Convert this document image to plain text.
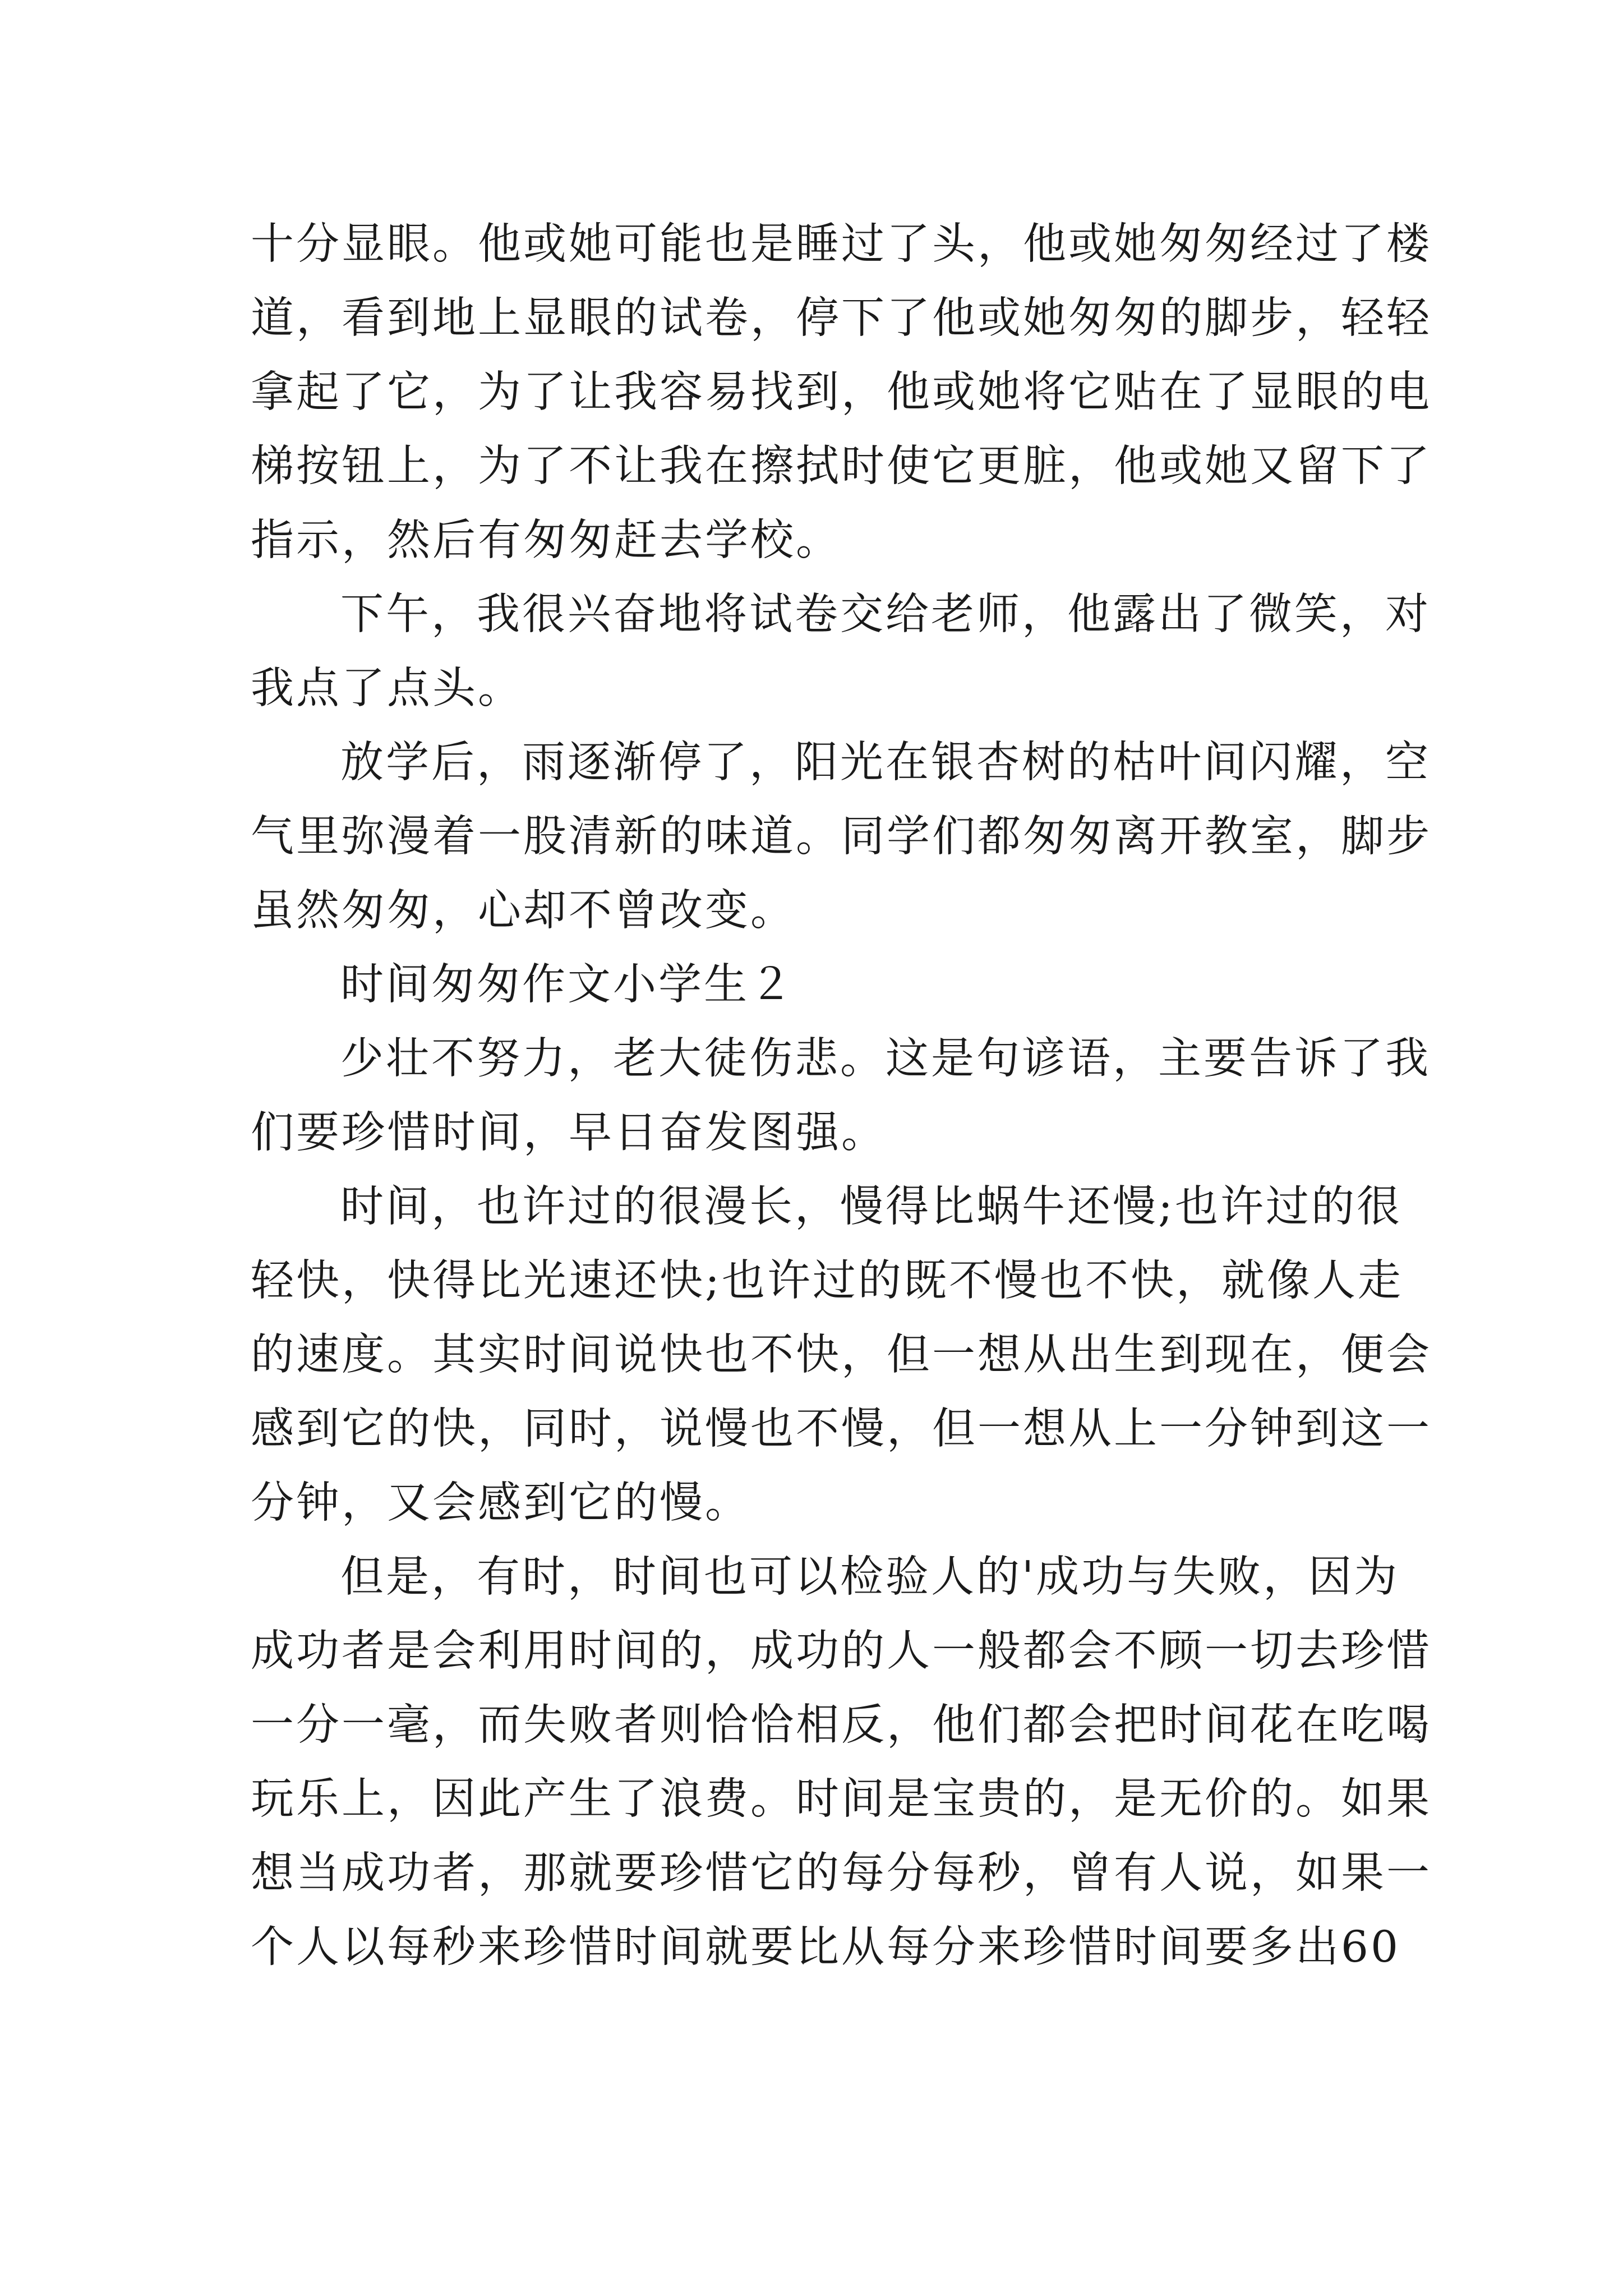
十分显眼。他或她可能也是睡过了头，他或她匆匆经过了楼
道，看到地上显眼的试卷，停下了他或她匆匆的脚步，轻轻
拿起了它，为了让我容易找到，他或她将它贴在了显眼的电
梯按钮上，为了不让我在擦拭时使它更脏，他或她又留下了
指示，然后有匆匆赶去学校。

下午，我很兴奋地将试卷交给老师，他露出了微笑，对
我点了点头。

放学后，雨逐渐停了，阳光在银杏树的枯叶间闪耀，空
气里弥漫着一股清新的味道。同学们都匆匆离开教室，脚步
虽然匆匆，心却不曾改变。

时间匆匆作文小学生２

少壮不努力，老大徒伤悲。这是句谚语，主要告诉了我
们要珍惜时间，早日奋发图强。

时间，也许过的很漫长，慢得比蜗牛还慢;也许过的很
轻快，快得比光速还快;也许过的既不慢也不快，就像人走
的速度。其实时间说快也不快，但一想从出生到现在，便会
感到它的快，同时，说慢也不慢，但一想从上一分钟到这一
分钟，又会感到它的慢。

但是，有时，时间也可以检验人的'成功与失败，因为
成功者是会利用时间的，成功的人一般都会不顾一切去珍惜
一分一毫，而失败者则恰恰相反，他们都会把时间花在吃喝
玩乐上，因此产生了浪费。时间是宝贵的，是无价的。如果
想当成功者，那就要珍惜它的每分每秒，曾有人说，如果一
个人以每秒来珍惜时间就要比从每分来珍惜时间要多出60
